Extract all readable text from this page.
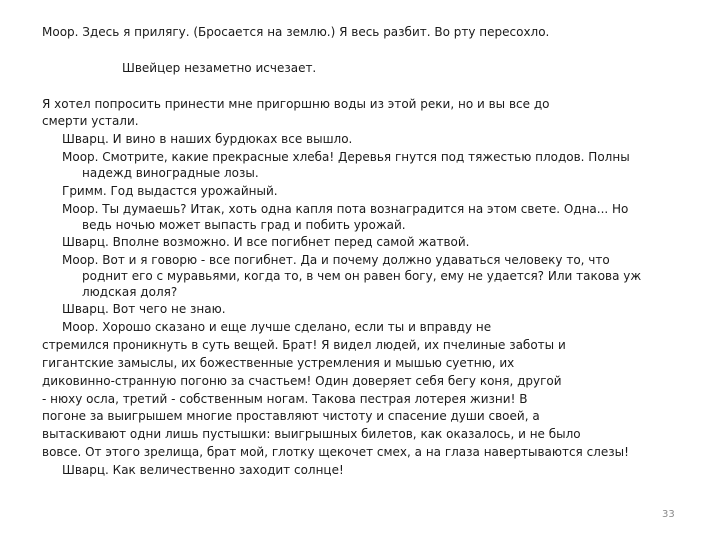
Моор. Здесь я прилягу. (Бросается на землю.) Я весь разбит. Во рту пересохло.
Швейцер незаметно исчезает.
Я хотел попросить принести мне пригоршню воды из этой реки, но и вы все до
смерти устали.
Шварц. И вино в наших бурдюках все вышло.
Моор. Смотрите, какие прекрасные хлеба! Деревья гнутся под тяжестью плодов. Полны
надежд виноградные лозы.
Гримм. Год выдастся урожайный.
Моор. Ты думаешь? Итак, хоть одна капля пота вознаградится на этом свете. Одна... Но
ведь ночью может выпасть град и побить урожай.
Шварц. Вполне возможно. И все погибнет перед самой жатвой.
Моор. Вот и я говорю - все погибнет. Да и почему должно удаваться человеку то, что
роднит его с муравьями, когда то, в чем он равен богу, ему не удается? Или такова уж
людская доля?
Шварц. Вот чего не знаю.
Моор. Хорошо сказано и еще лучше сделано, если ты и вправду не
стремился проникнуть в суть вещей. Брат! Я видел людей, их пчелиные заботы и
гигантские замыслы, их божественные устремления и мышью суетню, их
диковинно-странную погоню за счастьем! Один доверяет себя бегу коня, другой
- нюху осла, третий - собственным ногам. Такова пестрая лотерея жизни! В
погоне за выигрышем многие проставляют чистоту и спасение души своей, а
вытаскивают одни лишь пустышки: выигрышных билетов, как оказалось, и не было
вовсе. От этого зрелища, брат мой, глотку щекочет смех, а на глаза навертываются слезы!
Шварц. Как величественно заходит солнце!
33
